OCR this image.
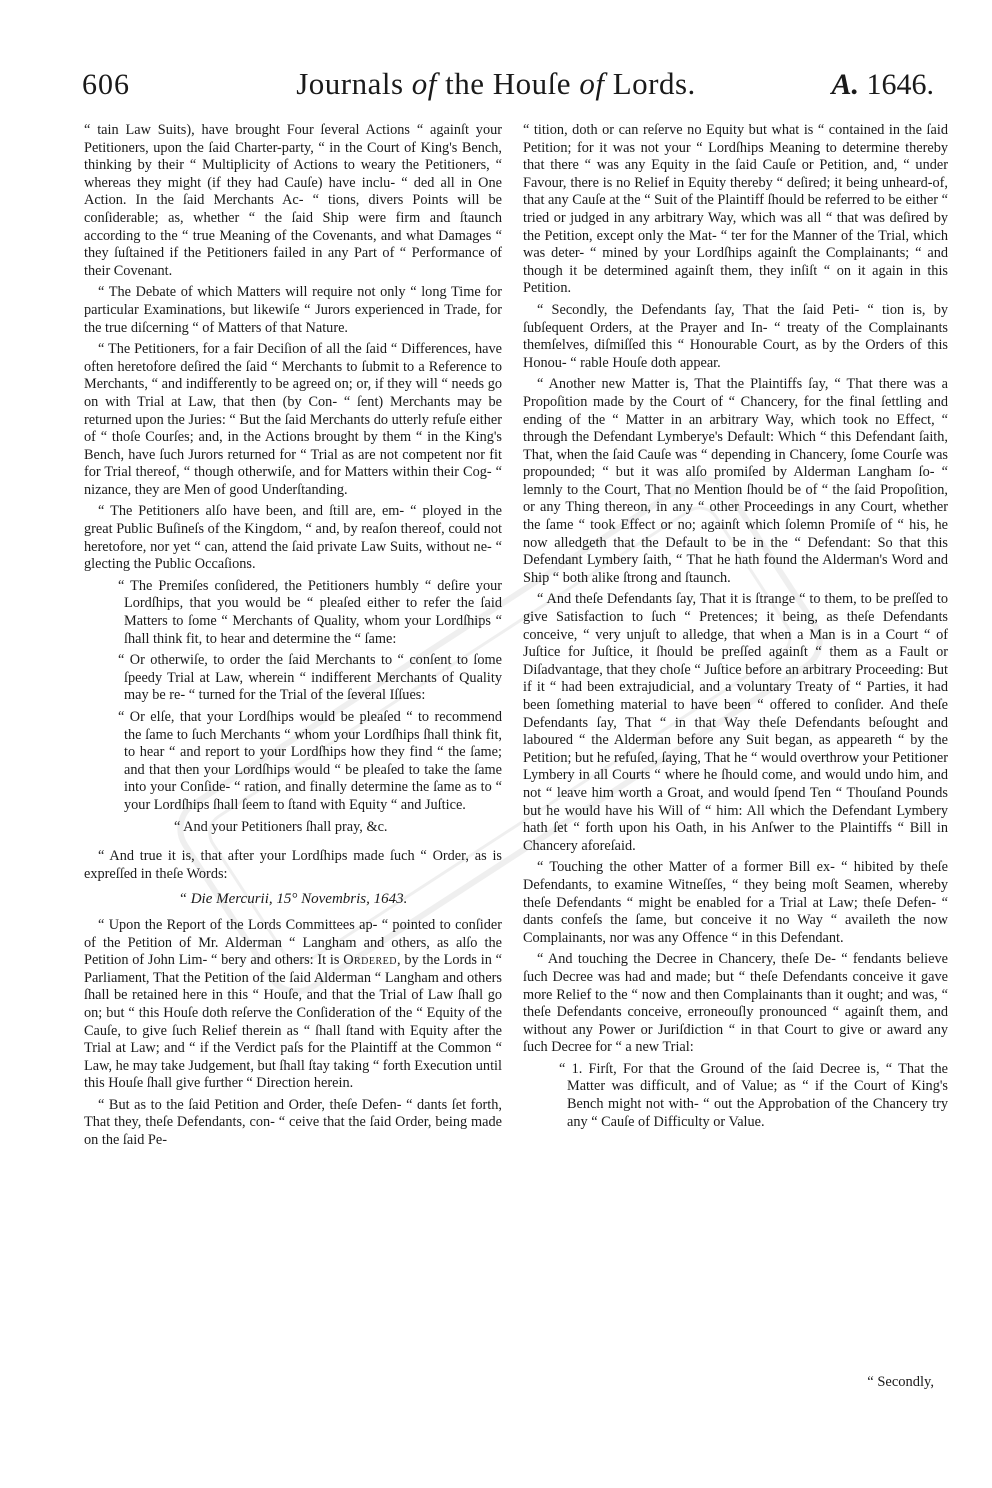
606	Journals of the Houſe of Lords.	A. 1646.

“ tain Law Suits), have brought Four ſeveral Actions “ againſt your Petitioners, upon the ſaid Charter-party, “ in the Court of King's Bench, thinking by their “ Multiplicity of Actions to weary the Petitioners, “ whereas they might (if they had Cauſe) have inclu- “ ded all in One Action. In the ſaid Merchants Ac- “ tions, divers Points will be conſiderable; as, whether “ the ſaid Ship were firm and ſtaunch according to the “ true Meaning of the Covenants, and what Damages “ they ſuſtained if the Petitioners failed in any Part of “ Performance of their Covenant.

“ The Debate of which Matters will require not only “ long Time for particular Examinations, but likewiſe “ Jurors experienced in Trade, for the true diſcerning “ of Matters of that Nature.

“ The Petitioners, for a fair Deciſion of all the ſaid “ Differences, have often heretofore deſired the ſaid “ Merchants to ſubmit to a Reference to Merchants, “ and indifferently to be agreed on; or, if they will “ needs go on with Trial at Law, that then (by Con- “ ſent) Merchants may be returned upon the Juries: “ But the ſaid Merchants do utterly refuſe either of “ thoſe Courſes; and, in the Actions brought by them “ in the King's Bench, have ſuch Jurors returned for “ Trial as are not competent nor fit for Trial thereof, “ though otherwiſe, and for Matters within their Cog- “ nizance, they are Men of good Underſtanding.

“ The Petitioners alſo have been, and ſtill are, em- “ ployed in the great Public Buſineſs of the Kingdom, “ and, by reaſon thereof, could not heretofore, nor yet “ can, attend the ſaid private Law Suits, without ne- “ glecting the Public Occaſions.

“ The Premiſes conſidered, the Petitioners humbly “ deſire your Lordſhips, that you would be “ pleaſed either to refer the ſaid Matters to ſome “ Merchants of Quality, whom your Lordſhips “ ſhall think fit, to hear and determine the “ ſame:

“ Or otherwiſe, to order the ſaid Merchants to “ conſent to ſome ſpeedy Trial at Law, wherein “ indifferent Merchants of Quality may be re- “ turned for the Trial of the ſeveral Iſſues:

“ Or elſe, that your Lordſhips would be pleaſed “ to recommend the ſame to ſuch Merchants “ whom your Lordſhips ſhall think fit, to hear “ and report to your Lordſhips how they find “ the ſame; and that then your Lordſhips would “ be pleaſed to take the ſame into your Conſide- “ ration, and finally determine the ſame as to “ your Lordſhips ſhall ſeem to ſtand with Equity “ and Juſtice.

“ And your Petitioners ſhall pray, &c.

“ And true it is, that after your Lordſhips made ſuch “ Order, as is expreſſed in theſe Words:

“ Die Mercurii, 15° Novembris, 1643.

“ Upon the Report of the Lords Committees ap- “ pointed to conſider of the Petition of Mr. Alderman “ Langham and others, as alſo the Petition of John Lim- “ bery and others: It is Ordered, by the Lords in “ Parliament, That the Petition of the ſaid Alderman “ Langham and others ſhall be retained here in this “ Houſe, and that the Trial of Law ſhall go on; but “ this Houſe doth reſerve the Conſideration of the “ Equity of the Cauſe, to give ſuch Relief therein as “ ſhall ſtand with Equity after the Trial at Law; and “ if the Verdict paſs for the Plaintiff at the Common “ Law, he may take Judgement, but ſhall ſtay taking “ forth Execution until this Houſe ſhall give further “ Direction herein.

“ But as to the ſaid Petition and Order, theſe Defen- “ dants ſet forth, That they, theſe Defendants, con- “ ceive that the ſaid Order, being made on the ſaid Pe-

“ tition, doth or can reſerve no Equity but what is “ contained in the ſaid Petition; for it was not your “ Lordſhips Meaning to determine thereby that there “ was any Equity in the ſaid Cauſe or Petition, and, “ under Favour, there is no Relief in Equity thereby “ deſired; it being unheard-of, that any Cauſe at the “ Suit of the Plaintiff ſhould be referred to be either “ tried or judged in any arbitrary Way, which was all “ that was deſired by the Petition, except only the Mat- “ ter for the Manner of the Trial, which was deter- “ mined by your Lordſhips againſt the Complainants; “ and though it be determined againſt them, they inſiſt “ on it again in this Petition.

“ Secondly, the Defendants ſay, That the ſaid Peti- “ tion is, by ſubſequent Orders, at the Prayer and In- “ treaty of the Complainants themſelves, diſmiſſed this “ Honourable Court, as by the Orders of this Honou- “ rable Houſe doth appear.

“ Another new Matter is, That the Plaintiffs ſay, “ That there was a Propoſition made by the Court of “ Chancery, for the final ſettling and ending of the “ Matter in an arbitrary Way, which took no Effect, “ through the Defendant Lymberye's Default: Which “ this Defendant ſaith, That, when the ſaid Cauſe was “ depending in Chancery, ſome Courſe was propounded; “ but it was alſo promiſed by Alderman Langham ſo- “ lemnly to the Court, That no Mention ſhould be of “ the ſaid Propoſition, or any Thing thereon, in any “ other Proceedings in any Court, whether the ſame “ took Effect or no; againſt which ſolemn Promiſe of “ his, he now alledgeth that the Default to be in the “ Defendant: So that this Defendant Lymbery ſaith, “ That he hath found the Alderman's Word and Ship “ both alike ſtrong and ſtaunch.

“ And theſe Defendants ſay, That it is ſtrange “ to them, to be preſſed to give Satisfaction to ſuch “ Pretences; it being, as theſe Defendants conceive, “ very unjuſt to alledge, that when a Man is in a Court “ of Juſtice for Juſtice, it ſhould be preſſed againſt “ them as a Fault or Diſadvantage, that they choſe “ Juſtice before an arbitrary Proceeding: But if it “ had been extrajudicial, and a voluntary Treaty of “ Parties, it had been ſomething material to have been “ offered to conſider. And theſe Defendants ſay, That “ in that Way theſe Defendants beſought and laboured “ the Alderman before any Suit began, as appeareth “ by the Petition; but he refuſed, ſaying, That he “ would overthrow your Petitioner Lymbery in all Courts “ where he ſhould come, and would undo him, and not “ leave him worth a Groat, and would ſpend Ten “ Thouſand Pounds but he would have his Will of “ him: All which the Defendant Lymbery hath ſet “ forth upon his Oath, in his Anſwer to the Plaintiffs “ Bill in Chancery aforeſaid.

“ Touching the other Matter of a former Bill ex- “ hibited by theſe Defendants, to examine Witneſſes, “ they being moſt Seamen, whereby theſe Defendants “ might be enabled for a Trial at Law; theſe Defen- “ dants confeſs the ſame, but conceive it no Way “ availeth the now Complainants, nor was any Offence “ in this Defendant.

“ And touching the Decree in Chancery, theſe De- “ fendants believe ſuch Decree was had and made; but “ theſe Defendants conceive it gave more Relief to the “ now and then Complainants than it ought; and was, “ theſe Defendants conceive, erroneouſly pronounced “ againſt them, and without any Power or Juriſdiction “ in that Court to give or award any ſuch Decree for “ a new Trial:

“ 1. Firſt, For that the Ground of the ſaid Decree is, “ That the Matter was difficult, and of Value; as “ if the Court of King's Bench might not with- “ out the Approbation of the Chancery try any “ Cauſe of Difficulty or Value.

“ Secondly,
